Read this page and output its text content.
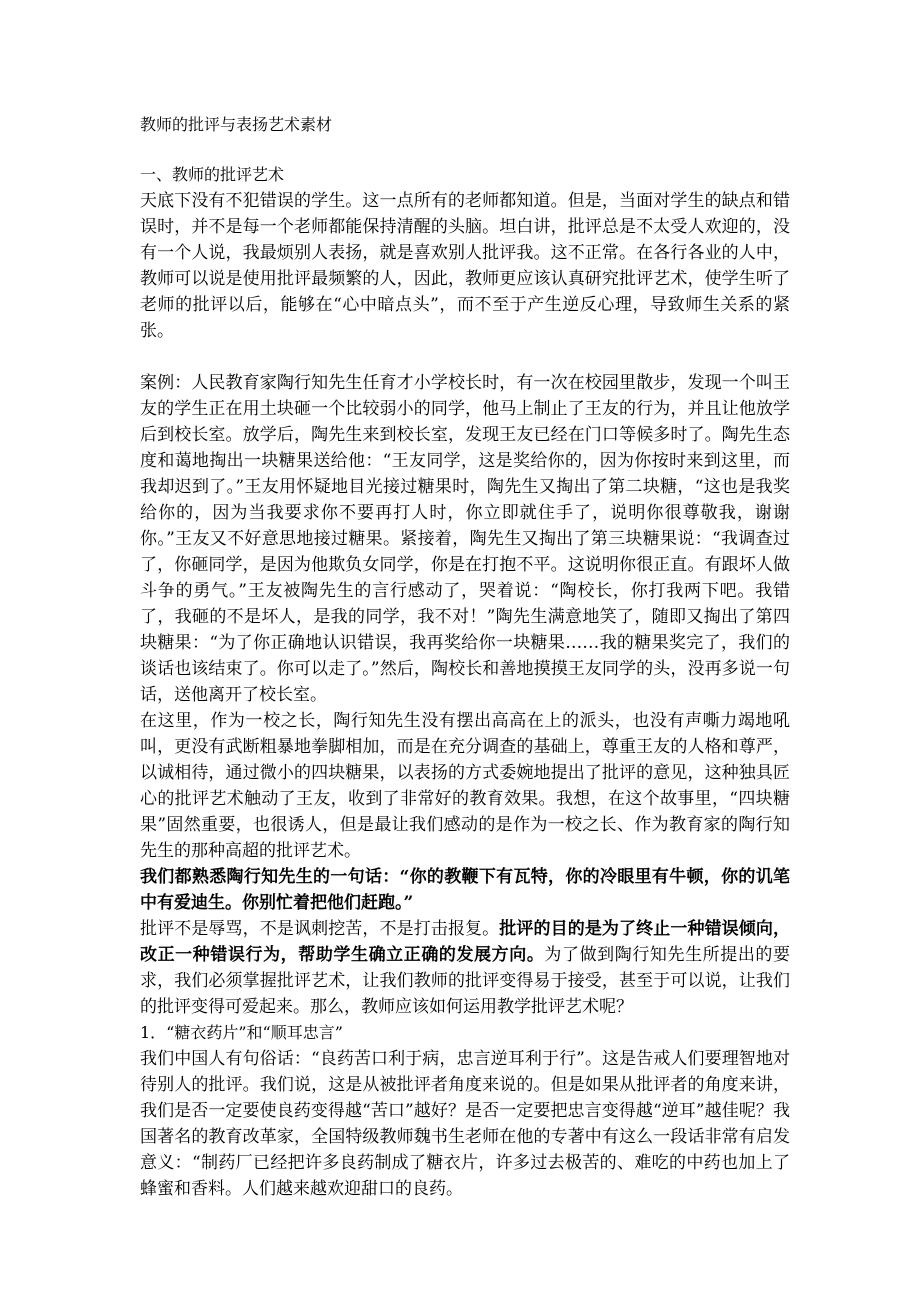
教师的批评与表扬艺术素材
一、教师的批评艺术

天底下没有不犯错误的学生。这一点所有的老师都知道。但是，当面对学生的缺点和错误时，并不是每一个老师都能保持清醒的头脑。坦白讲，批评总是不太受人欢迎的，没有一个人说，我最烦别人表扬，就是喜欢别人批评我。这不正常。在各行各业的人中，教师可以说是使用批评最频繁的人，因此，教师更应该认真研究批评艺术，使学生听了老师的批评以后，能够在“心中暗点头”，而不至于产生逆反心理，导致师生关系的紧张。

案例：人民教育家陶行知先生任育才小学校长时，有一次在校园里散步，发现一个叫王友的学生正在用土块砸一个比较弱小的同学，他马上制止了王友的行为，并且让他放学后到校长室。放学后，陶先生来到校长室，发现王友已经在门口等候多时了。陶先生态度和蔼地掏出一块糖果送给他：“王友同学，这是奖给你的，因为你按时来到这里，而我却迟到了。”王友用怀疑地目光接过糖果时，陶先生又掏出了第二块糖，“这也是我奖给你的，因为当我要求你不要再打人时，你立即就住手了，说明你很尊敬我，谢谢你。”王友又不好意思地接过糖果。紧接着，陶先生又掏出了第三块糖果说：“我调查过了，你砸同学，是因为他欺负女同学，你是在打抱不平。这说明你很正直。有跟坏人做斗争的勇气。”王友被陶先生的言行感动了，哭着说：“陶校长，你打我两下吧。我错了，我砸的不是坏人，是我的同学，我不对！”陶先生满意地笑了，随即又掏出了第四块糖果：“为了你正确地认识错误，我再奖给你一块糖果……我的糖果奖完了，我们的谈话也该结束了。你可以走了。”然后，陶校长和善地摸摸王友同学的头，没再多说一句话，送他离开了校长室。

在这里，作为一校之长，陶行知先生没有摆出高高在上的派头，也没有声嘶力竭地吼叫，更没有武断粗暴地拳脚相加，而是在充分调查的基础上，尊重王友的人格和尊严，以诚相待，通过微小的四块糖果，以表扬的方式委婉地提出了批评的意见，这种独具匠心的批评艺术触动了王友，收到了非常好的教育效果。我想，在这个故事里，“四块糖果”固然重要，也很诱人，但是最让我们感动的是作为一校之长、作为教育家的陶行知先生的那种高超的批评艺术。

我们都熟悉陶行知先生的一句话：“你的教鞭下有瓦特，你的冷眼里有牛顿，你的讥笔中有爱迪生。你别忙着把他们赶跑。”

批评不是辱骂，不是讽刺挖苦，不是打击报复。批评的目的是为了终止一种错误倾向，改正一种错误行为，帮助学生确立正确的发展方向。为了做到陶行知先生所提出的要求，我们必须掌握批评艺术，让我们教师的批评变得易于接受，甚至于可以说，让我们的批评变得可爱起来。那么，教师应该如何运用教学批评艺术呢？

1．“糖衣药片”和“顺耳忠言”

我们中国人有句俗话：“良药苦口利于病，忠言逆耳利于行”。这是告戒人们要理智地对待别人的批评。我们说，这是从被批评者角度来说的。但是如果从批评者的角度来讲，我们是否一定要使良药变得越“苦口”越好？是否一定要把忠言变得越“逆耳”越佳呢？我国著名的教育改革家，全国特级教师魏书生老师在他的专著中有这么一段话非常有启发意义：“制药厂已经把许多良药制成了糖衣片，许多过去极苦的、难吃的中药也加上了蜂蜜和香料。人们越来越欢迎甜口的良药。
